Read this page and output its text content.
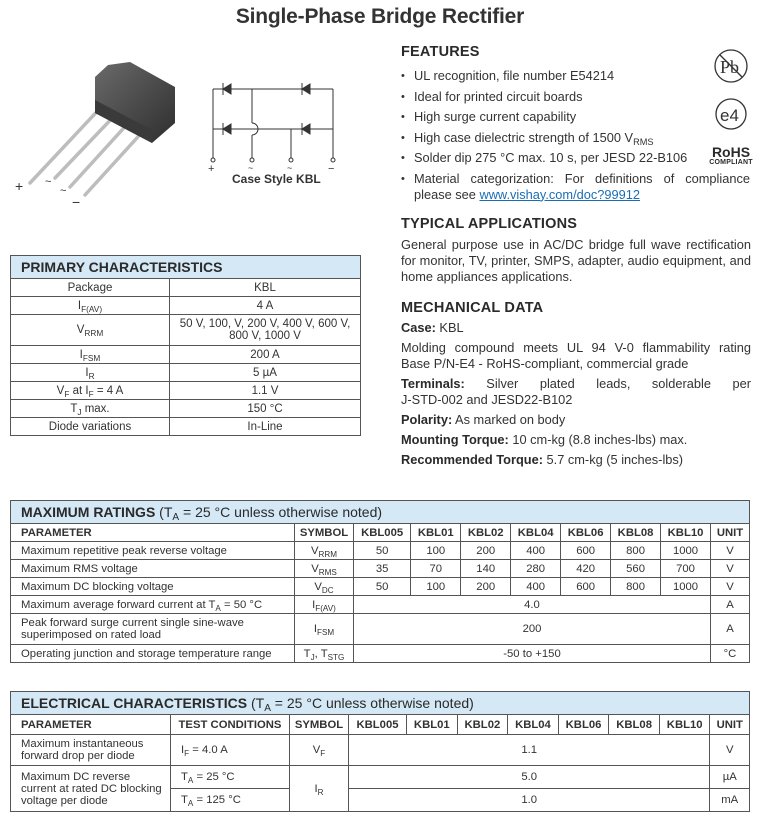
Single-Phase Bridge Rectifier
+ ~
~
−
+	~	~	−
Case Style KBL
FEATURES
• UL recognition, file number E54214
• Ideal for printed circuit boards
• High surge current capability
• High case dielectric strength of 1500 $V_{RMS}$
• Solder dip 275 °C max. 10 s, per JESD 22-B106
• Material categorization: For definitions of compliance please see www.vishay.com/doc?99912
Pb

e4
RoHS
COMPLIANT
TYPICAL APPLICATIONS

General purpose use in AC/DC bridge full wave rectification for monitor, TV, printer, SMPS, adapter, audio equipment, and home appliances applications.

MECHANICAL DATA

Case: KBL

Molding compound meets UL 94 V-0 flammability rating
Base P/N-E4 - RoHS-compliant, commercial grade

Terminals: Silver plated leads, solderable per
J-STD-002 and JESD22-B102

Polarity: As marked on body

Mounting Torque: 10 cm-kg (8.8 inches-lbs) max.

Recommended Torque: 5.7 cm-kg (5 inches-lbs)

PRIMARY CHARACTERISTICS	
Package	KBL
$I_{F(AV)}$	4 A
$V_{RRM}$	50 V, 100, V, 200 V, 400 V, 600 V,
800 V, 1000 V

$I_{FSM}$	200 A
$I_R$	5 µA
$V_F$ at $I_F = 4$ A	1.1 V
$T_J$ max.	150 °C
Diode variations	In-Line
MAXIMUM RATINGS ($T_A = 25$ °C unless otherwise noted)									
PARAMETER	SYMBOL	KBL005	KBL01	KBL02	KBL04	KBL06	KBL08	KBL10	UNIT
Maximum repetitive peak reverse voltage	$V_{RRM}$	50	100	200	400	600	800	1000	V
Maximum RMS voltage	$V_{RMS}$	35	70	140	280	420	560	700	V
Maximum DC blocking voltage	$V_{DC}$	50	100	200	400	600	800	1000	V
Maximum average forward current at $T_A = 50$ °C	$I_{F(AV)}$	4.0							A

Peak forward surge current single sine-wave
superimposed on rated load	$I_{FSM}$	200							A
Operating junction and storage temperature range	$T_J$, $T_{STG}$	-50 to +150							°C
ELECTRICAL CHARACTERISTICS ($T_A = 25$ °C unless otherwise noted)										
PARAMETER	TEST CONDITIONS	SYMBOL	KBL005	KBL01	KBL02	KBL04	KBL06	KBL08	KBL10	UNIT

Maximum instantaneous
forward drop per diode	$I_F = 4.0$ A	$V_F$	1.1							V

Maximum DC reverse
current at rated DC blocking
voltage per diode	$T_A = 25$ °C	$I_R$	5.0							µA
	$T_A = 125$ °C		1.0							mA
